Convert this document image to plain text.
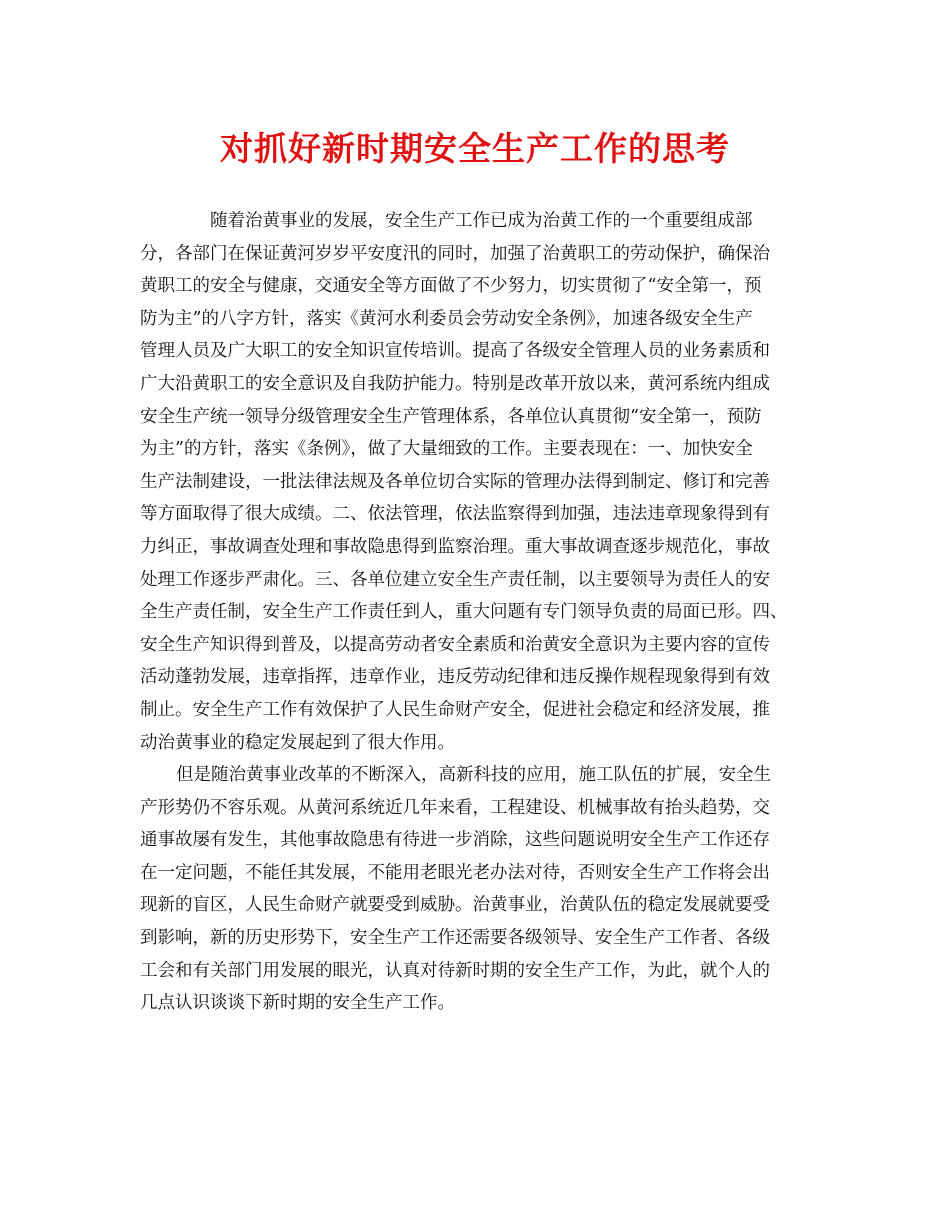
对抓好新时期安全生产工作的思考
随着治黄事业的发展，安全生产工作已成为治黄工作的一个重要组成部
分，各部门在保证黄河岁岁平安度汛的同时，加强了治黄职工的劳动保护，确保治
黄职工的安全与健康，交通安全等方面做了不少努力，切实贯彻了“安全第一，预
防为主”的八字方针，落实《黄河水利委员会劳动安全条例》，加速各级安全生产
管理人员及广大职工的安全知识宣传培训。提高了各级安全管理人员的业务素质和
广大沿黄职工的安全意识及自我防护能力。特别是改革开放以来，黄河系统内组成
安全生产统一领导分级管理安全生产管理体系，各单位认真贯彻“安全第一，预防
为主”的方针，落实《条例》，做了大量细致的工作。主要表现在：一、加快安全
生产法制建设，一批法律法规及各单位切合实际的管理办法得到制定、修订和完善
等方面取得了很大成绩。二、依法管理，依法监察得到加强，违法违章现象得到有
力纠正，事故调查处理和事故隐患得到监察治理。重大事故调查逐步规范化，事故
处理工作逐步严肃化。三、各单位建立安全生产责任制，以主要领导为责任人的安
全生产责任制，安全生产工作责任到人，重大问题有专门领导负责的局面已形。四、
安全生产知识得到普及，以提高劳动者安全素质和治黄安全意识为主要内容的宣传
活动蓬勃发展，违章指挥，违章作业，违反劳动纪律和违反操作规程现象得到有效
制止。安全生产工作有效保护了人民生命财产安全，促进社会稳定和经济发展，推
动治黄事业的稳定发展起到了很大作用。
但是随治黄事业改革的不断深入，高新科技的应用，施工队伍的扩展，安全生
产形势仍不容乐观。从黄河系统近几年来看，工程建设、机械事故有抬头趋势，交
通事故屡有发生，其他事故隐患有待进一步消除，这些问题说明安全生产工作还存
在一定问题，不能任其发展，不能用老眼光老办法对待，否则安全生产工作将会出
现新的盲区，人民生命财产就要受到威胁。治黄事业，治黄队伍的稳定发展就要受
到影响，新的历史形势下，安全生产工作还需要各级领导、安全生产工作者、各级
工会和有关部门用发展的眼光，认真对待新时期的安全生产工作，为此，就个人的
几点认识谈谈下新时期的安全生产工作。
